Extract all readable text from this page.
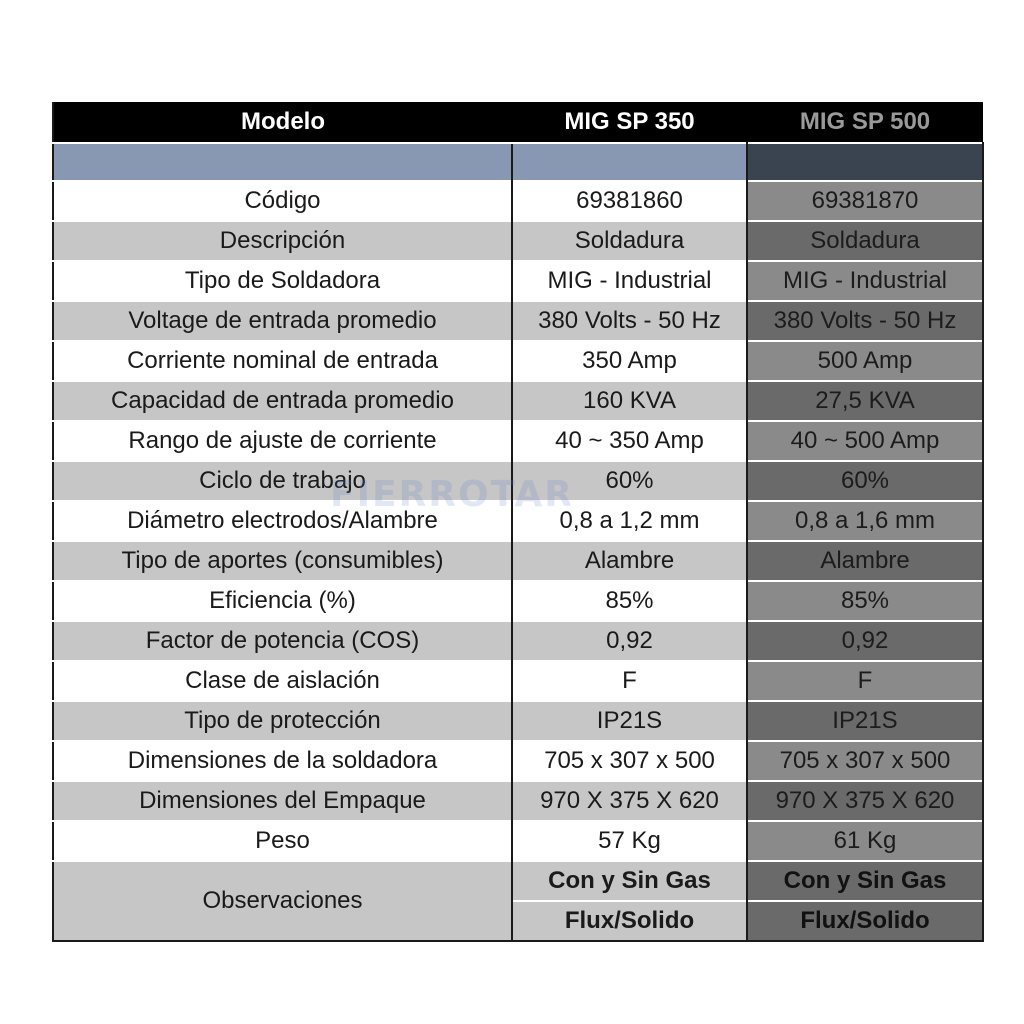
Modelo	MIG SP 350	MIG SP 500

Código	69381860	69381870
Descripción	Soldadura	Soldadura
Tipo de Soldadora	MIG - Industrial	MIG - Industrial
Voltage de entrada promedio	380 Volts - 50 Hz	380 Volts - 50 Hz
Corriente nominal de entrada	350 Amp	500 Amp
Capacidad de entrada promedio	160 KVA	27,5 KVA
Rango de ajuste de corriente	40 ~ 350 Amp	40 ~ 500 Amp
Ciclo de trabajo	60%	60%
Diámetro electrodos/Alambre	0,8 a 1,2 mm	0,8 a 1,6 mm
Tipo de aportes (consumibles)	Alambre	Alambre
Eficiencia (%)	85%	85%
Factor de potencia (COS)	0,92	0,92
Clase de aislación	F	F
Tipo de protección	IP21S	IP21S
Dimensiones de la soldadora	705 x 307 x 500	705 x 307 x 500
Dimensiones del Empaque	970 X 375 X 620	970 X 375 X 620
Peso	57 Kg	61 Kg
Observaciones	Con y Sin Gas	Con y Sin Gas
	Flux/Solido	Flux/Solido
